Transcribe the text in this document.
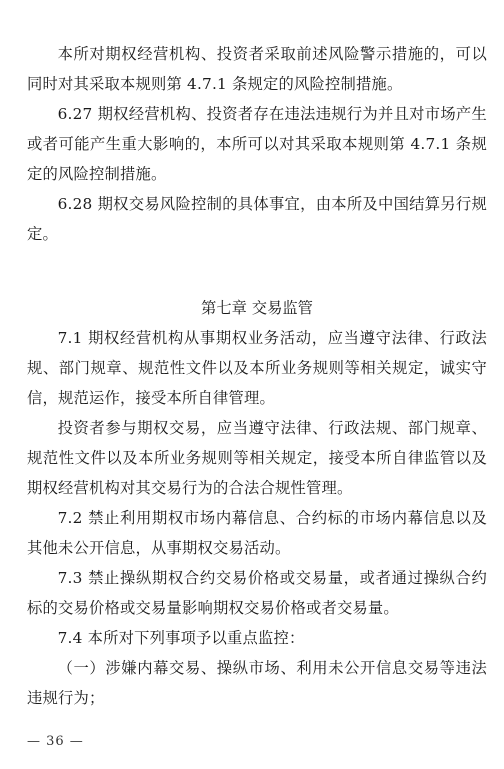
本所对期权经营机构、投资者采取前述风险警示措施的，可以同时对其采取本规则第 4.7.1 条规定的风险控制措施。

6.27 期权经营机构、投资者存在违法违规行为并且对市场产生或者可能产生重大影响的，本所可以对其采取本规则第 4.7.1 条规定的风险控制措施。

6.28 期权交易风险控制的具体事宜，由本所及中国结算另行规定。

第七章 交易监管

7.1 期权经营机构从事期权业务活动，应当遵守法律、行政法规、部门规章、规范性文件以及本所业务规则等相关规定，诚实守信，规范运作，接受本所自律管理。

投资者参与期权交易，应当遵守法律、行政法规、部门规章、规范性文件以及本所业务规则等相关规定，接受本所自律监管以及期权经营机构对其交易行为的合法合规性管理。

7.2 禁止利用期权市场内幕信息、合约标的市场内幕信息以及其他未公开信息，从事期权交易活动。

7.3 禁止操纵期权合约交易价格或交易量，或者通过操纵合约标的交易价格或交易量影响期权交易价格或者交易量。

7.4 本所对下列事项予以重点监控：

（一）涉嫌内幕交易、操纵市场、利用未公开信息交易等违法违规行为；

— 36 —
